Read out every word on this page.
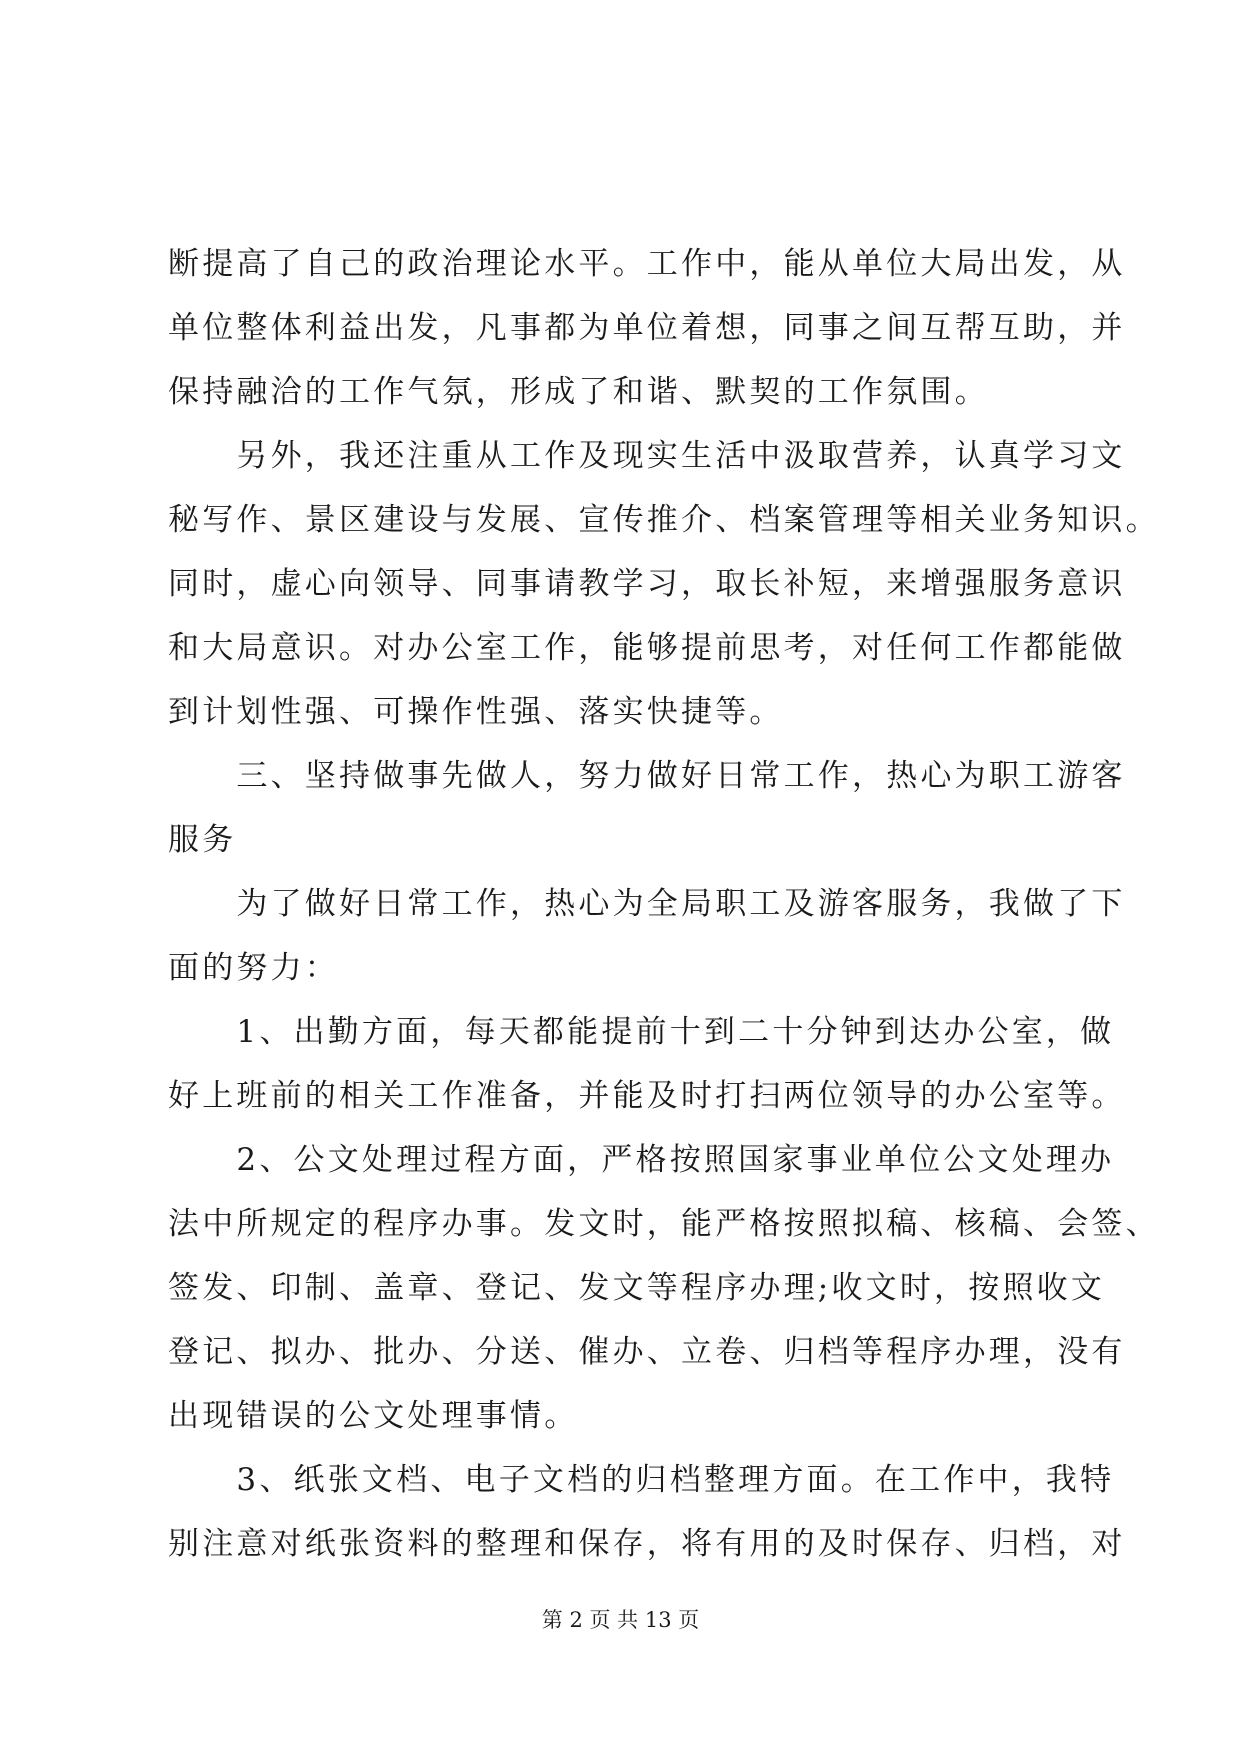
断提高了自己的政治理论水平。工作中，能从单位大局出发，从
单位整体利益出发，凡事都为单位着想，同事之间互帮互助，并
保持融洽的工作气氛，形成了和谐、默契的工作氛围。
　　另外，我还注重从工作及现实生活中汲取营养，认真学习文
秘写作、景区建设与发展、宣传推介、档案管理等相关业务知识。
同时，虚心向领导、同事请教学习，取长补短，来增强服务意识
和大局意识。对办公室工作，能够提前思考，对任何工作都能做
到计划性强、可操作性强、落实快捷等。
　　三、坚持做事先做人，努力做好日常工作，热心为职工游客
服务
　　为了做好日常工作，热心为全局职工及游客服务，我做了下
面的努力：
　　1、出勤方面，每天都能提前十到二十分钟到达办公室，做
好上班前的相关工作准备，并能及时打扫两位领导的办公室等。
　　2、公文处理过程方面，严格按照国家事业单位公文处理办
法中所规定的程序办事。发文时，能严格按照拟稿、核稿、会签、
签发、印制、盖章、登记、发文等程序办理;收文时，按照收文
登记、拟办、批办、分送、催办、立卷、归档等程序办理，没有
出现错误的公文处理事情。
　　3、纸张文档、电子文档的归档整理方面。在工作中，我特
别注意对纸张资料的整理和保存，将有用的及时保存、归档，对
第 2 页 共 13 页
